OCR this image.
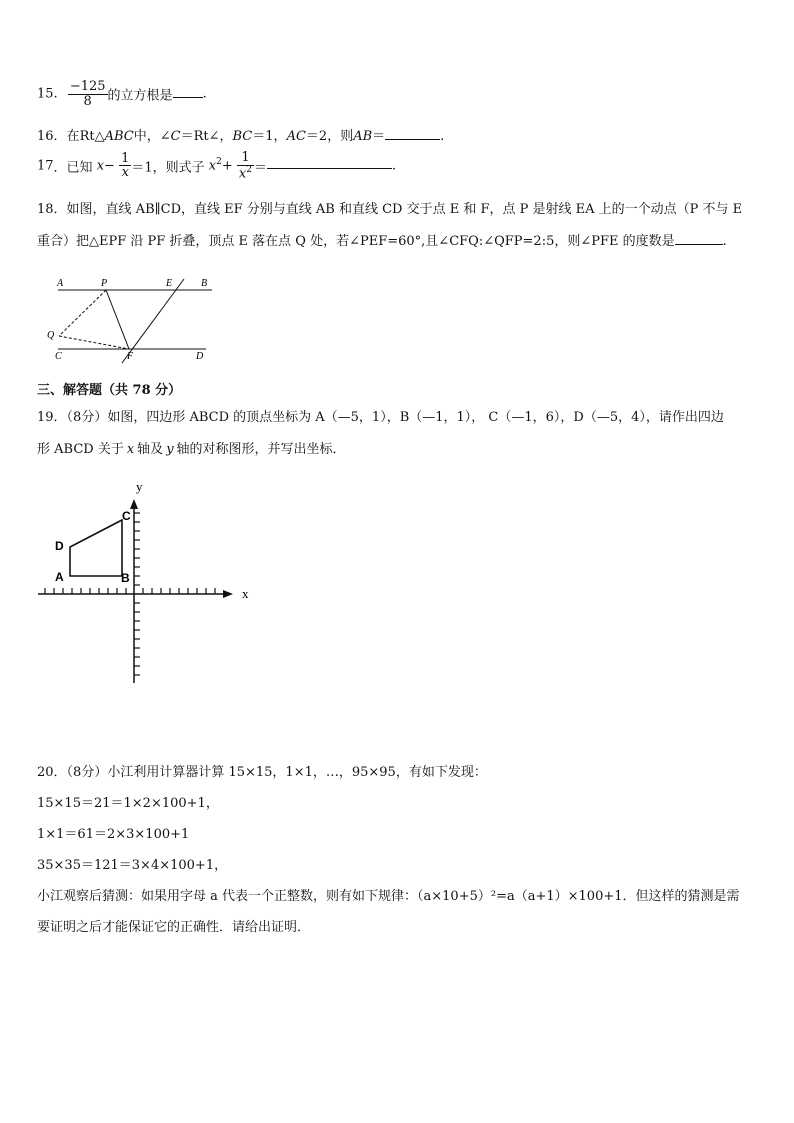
15. $\frac{-125}{8}$ 的立方根是 .
16．在Rt△ABC中，∠C＝Rt∠，BC＝1，AC＝2，则AB＝	.
17．已知 $x- \frac{1}{x} =1$，则式子 $x^2+ \frac{1}{x^2}$ ＝	.
18．如图，直线 AB∥CD，直线 EF 分别与直线 AB 和直线 CD 交于点 E 和 F，点 P 是射线 EA 上的一个动点（P 不与 E
重合）把△EPF 沿 PF 折叠，顶点 E 落在点 Q 处，若∠PEF=60°,且∠CFQ:∠QFP=2:5，则∠PFE 的度数是	.
A	P	E	B
Q
C	F	D
三、解答题（共 78 分）
19．（8分）如图，四边形 ABCD 的顶点坐标为 A（—5，1），B（—1，1）， C（—1，6），D（—5，4），请作出四边
形 ABCD 关于 x 轴及 y 轴的对称图形，并写出坐标．
x
y
A	B
C
D
20．（8分）小江利用计算器计算 15×15，1×1，…，95×95，有如下发现：
15×15＝21＝1×2×100+1，
1×1＝61＝2×3×100+1
35×35＝121＝3×4×100+1，
小江观察后猜测：如果用字母 a 代表一个正整数，则有如下规律：（a×10+5）²=a（a+1）×100+1．但这样的猜测是需
要证明之后才能保证它的正确性．请给出证明．
